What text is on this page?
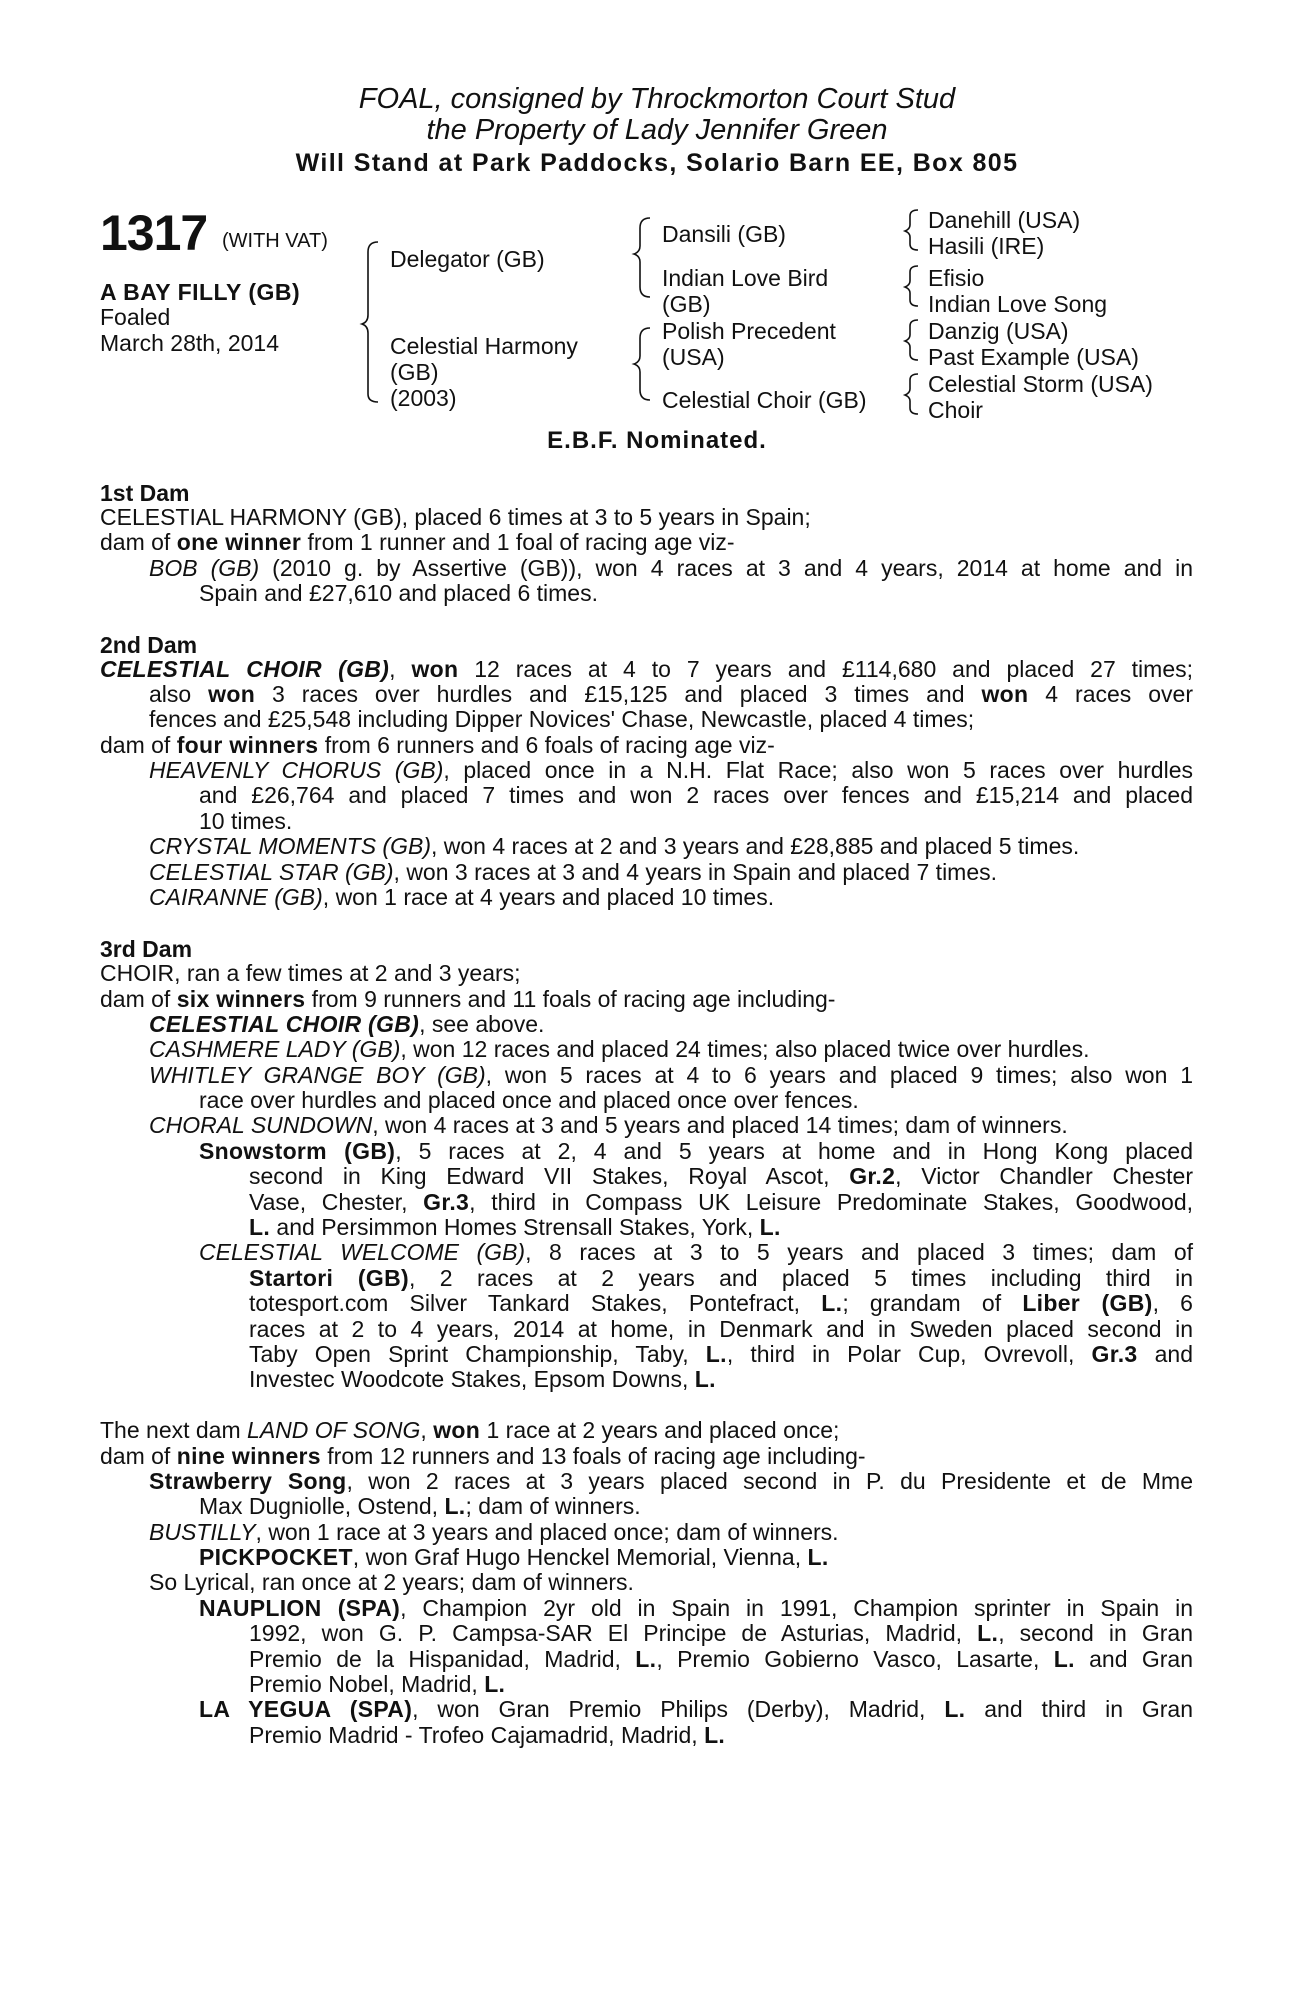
FOAL, consigned by Throckmorton Court Stud
the Property of Lady Jennifer Green
Will Stand at Park Paddocks, Solario Barn EE, Box 805
1317 (WITH VAT)
A BAY FILLY (GB)
Foaled
March 28th, 2014
Delegator (GB)
Celestial Harmony
(GB)
(2003)
Dansili (GB)
Indian Love Bird
(GB)
Polish Precedent
(USA)
Celestial Choir (GB)
Danehill (USA)
Hasili (IRE)
Efisio
Indian Love Song
Danzig (USA)
Past Example (USA)
Celestial Storm (USA)
Choir
E.B.F. Nominated.
1st Dam
CELESTIAL HARMONY (GB), placed 6 times at 3 to 5 years in Spain;
dam of one winner from 1 runner and 1 foal of racing age viz-
BOB (GB) (2010 g. by Assertive (GB)), won 4 races at 3 and 4 years, 2014 at home and in
Spain and £27,610 and placed 6 times.
2nd Dam
CELESTIAL CHOIR (GB), won 12 races at 4 to 7 years and £114,680 and placed 27 times;
also won 3 races over hurdles and £15,125 and placed 3 times and won 4 races over
fences and £25,548 including Dipper Novices' Chase, Newcastle, placed 4 times;
dam of four winners from 6 runners and 6 foals of racing age viz-
HEAVENLY CHORUS (GB), placed once in a N.H. Flat Race; also won 5 races over hurdles
and £26,764 and placed 7 times and won 2 races over fences and £15,214 and placed
10 times.
CRYSTAL MOMENTS (GB), won 4 races at 2 and 3 years and £28,885 and placed 5 times.
CELESTIAL STAR (GB), won 3 races at 3 and 4 years in Spain and placed 7 times.
CAIRANNE (GB), won 1 race at 4 years and placed 10 times.
3rd Dam
CHOIR, ran a few times at 2 and 3 years;
dam of six winners from 9 runners and 11 foals of racing age including-
CELESTIAL CHOIR (GB), see above.
CASHMERE LADY (GB), won 12 races and placed 24 times; also placed twice over hurdles.
WHITLEY GRANGE BOY (GB), won 5 races at 4 to 6 years and placed 9 times; also won 1
race over hurdles and placed once and placed once over fences.
CHORAL SUNDOWN, won 4 races at 3 and 5 years and placed 14 times; dam of winners.
Snowstorm (GB), 5 races at 2, 4 and 5 years at home and in Hong Kong placed
second in King Edward VII Stakes, Royal Ascot, Gr.2, Victor Chandler Chester
Vase, Chester, Gr.3, third in Compass UK Leisure Predominate Stakes, Goodwood,
L. and Persimmon Homes Strensall Stakes, York, L.
CELESTIAL WELCOME (GB), 8 races at 3 to 5 years and placed 3 times; dam of
Startori (GB), 2 races at 2 years and placed 5 times including third in
totesport.com Silver Tankard Stakes, Pontefract, L.; grandam of Liber (GB), 6
races at 2 to 4 years, 2014 at home, in Denmark and in Sweden placed second in
Taby Open Sprint Championship, Taby, L., third in Polar Cup, Ovrevoll, Gr.3 and
Investec Woodcote Stakes, Epsom Downs, L.
The next dam LAND OF SONG, won 1 race at 2 years and placed once;
dam of nine winners from 12 runners and 13 foals of racing age including-
Strawberry Song, won 2 races at 3 years placed second in P. du Presidente et de Mme
Max Dugniolle, Ostend, L.; dam of winners.
BUSTILLY, won 1 race at 3 years and placed once; dam of winners.
PICKPOCKET, won Graf Hugo Henckel Memorial, Vienna, L.
So Lyrical, ran once at 2 years; dam of winners.
NAUPLION (SPA), Champion 2yr old in Spain in 1991, Champion sprinter in Spain in
1992, won G. P. Campsa-SAR El Principe de Asturias, Madrid, L., second in Gran
Premio de la Hispanidad, Madrid, L., Premio Gobierno Vasco, Lasarte, L. and Gran
Premio Nobel, Madrid, L.
LA YEGUA (SPA), won Gran Premio Philips (Derby), Madrid, L. and third in Gran
Premio Madrid - Trofeo Cajamadrid, Madrid, L.
